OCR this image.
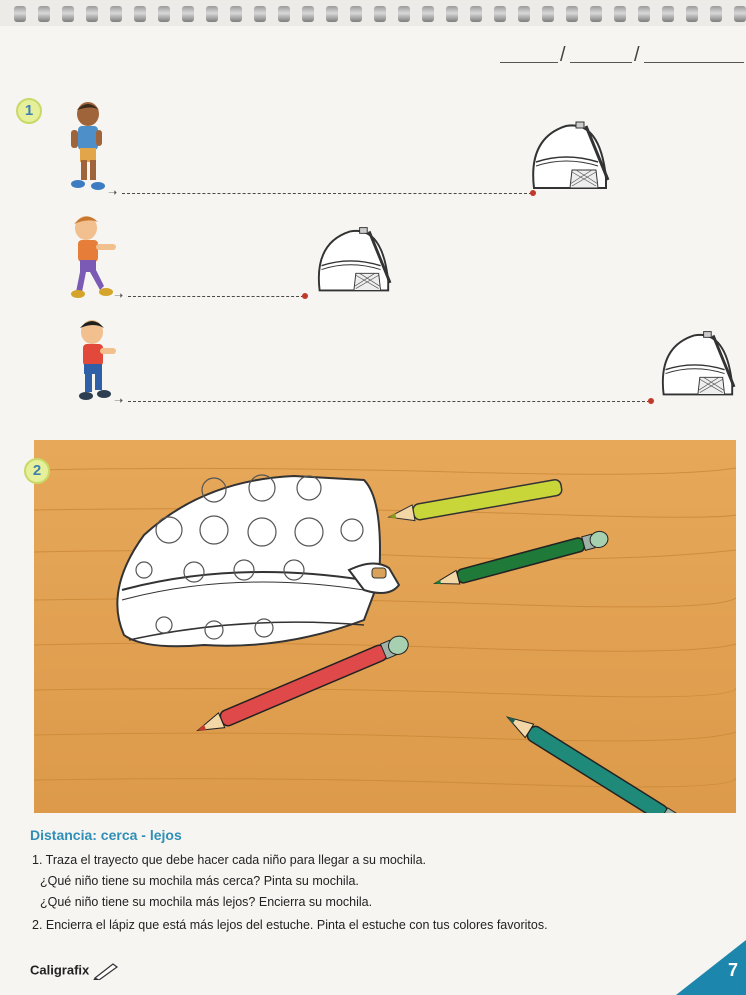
/	/
1
➝
➝
➝
2
Distancia: cerca - lejos
1. Traza el trayecto que debe hacer cada niño para llegar a su mochila.
¿Qué niño tiene su mochila más cerca? Pinta su mochila.
¿Qué niño tiene su mochila más lejos? Encierra su mochila.
2. Encierra el lápiz que está más lejos del estuche. Pinta el estuche con tus colores favoritos.
Caligrafix	7
